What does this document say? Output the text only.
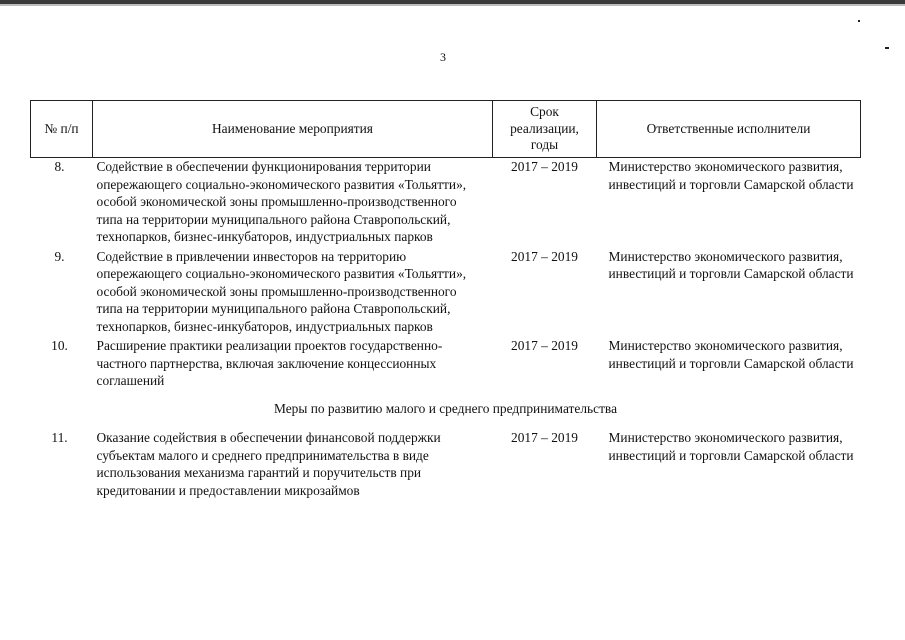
3
№ п/п	Наименование мероприятия	Срок реализации, годы	Ответственные исполнители
8.	Содействие в обеспечении функционирования территории опережающего социально-экономического развития «Тольятти», особой экономической зоны промышленно-производственного типа на территории муниципального района Ставропольский, технопарков, бизнес-инкубаторов, индустриальных парков	2017 – 2019	Министерство экономического развития, инвестиций и торговли Самарской области
9.	Содействие в привлечении инвесторов на территорию опережающего социально-экономического развития «Тольятти», особой экономической зоны промышленно-производственного типа на территории муниципального района Ставропольский, технопарков, бизнес-инкубаторов, индустриальных парков	2017 – 2019	Министерство экономического развития, инвестиций и торговли Самарской области
10.	Расширение практики реализации проектов государственно-частного партнерства, включая заключение концессионных соглашений	2017 – 2019	Министерство экономического развития, инвестиций и торговли Самарской области
Меры по развитию малого и среднего предпринимательства			
11.	Оказание содействия в обеспечении финансовой поддержки субъектам малого и среднего предпринимательства в виде использования механизма гарантий и поручительств при кредитовании и предоставлении микрозаймов	2017 – 2019	Министерство экономического развития, инвестиций и торговли Самарской области
